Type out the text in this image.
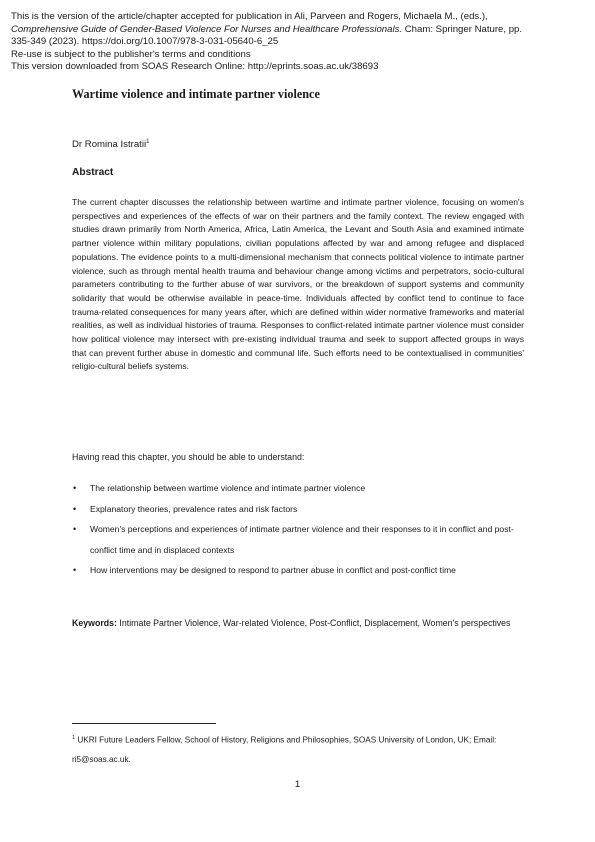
This is the version of the article/chapter accepted for publication in Ali, Parveen and Rogers, Michaela M., (eds.),
Comprehensive Guide of Gender-Based Violence For Nurses and Healthcare Professionals. Cham: Springer Nature, pp.
335-349 (2023). https://doi.org/10.1007/978-3-031-05640-6_25
Re-use is subject to the publisher's terms and conditions
This version downloaded from SOAS Research Online: http://eprints.soas.ac.uk/38693
Wartime violence and intimate partner violence
Dr Romina Istratii$^1$
Abstract

The current chapter discusses the relationship between wartime and intimate partner violence, focusing on women's perspectives and experiences of the effects of war on their partners and the family context. The review engaged with studies drawn primarily from North America, Africa, Latin America, the Levant and South Asia and examined intimate partner violence within military populations, civilian populations affected by war and among refugee and displaced populations. The evidence points to a multi-dimensional mechanism that connects political violence to intimate partner violence, such as through mental health trauma and behaviour change among victims and perpetrators, socio-cultural parameters contributing to the further abuse of war survivors, or the breakdown of support systems and community solidarity that would be otherwise available in peace-time. Individuals affected by conflict tend to continue to face trauma-related consequences for many years after, which are defined within wider normative frameworks and material realities, as well as individual histories of trauma. Responses to conflict-related intimate partner violence must consider how political violence may intersect with pre-existing individual trauma and seek to support affected groups in ways that can prevent further abuse in domestic and communal life. Such efforts need to be contextualised in communities' religio-cultural beliefs systems.

Having read this chapter, you should be able to understand:
• The relationship between wartime violence and intimate partner violence
• Explanatory theories, prevalence rates and risk factors
• Women's perceptions and experiences of intimate partner violence and their responses to it in conflict and post-conflict time and in displaced contexts
• How interventions may be designed to respond to partner abuse in conflict and post-conflict time
Keywords: Intimate Partner Violence, War-related Violence, Post-Conflict, Displacement, Women's perspectives
$^1$ UKRI Future Leaders Fellow, School of History, Religions and Philosophies, SOAS University of London, UK; Email: ri5@soas.ac.uk.
1
